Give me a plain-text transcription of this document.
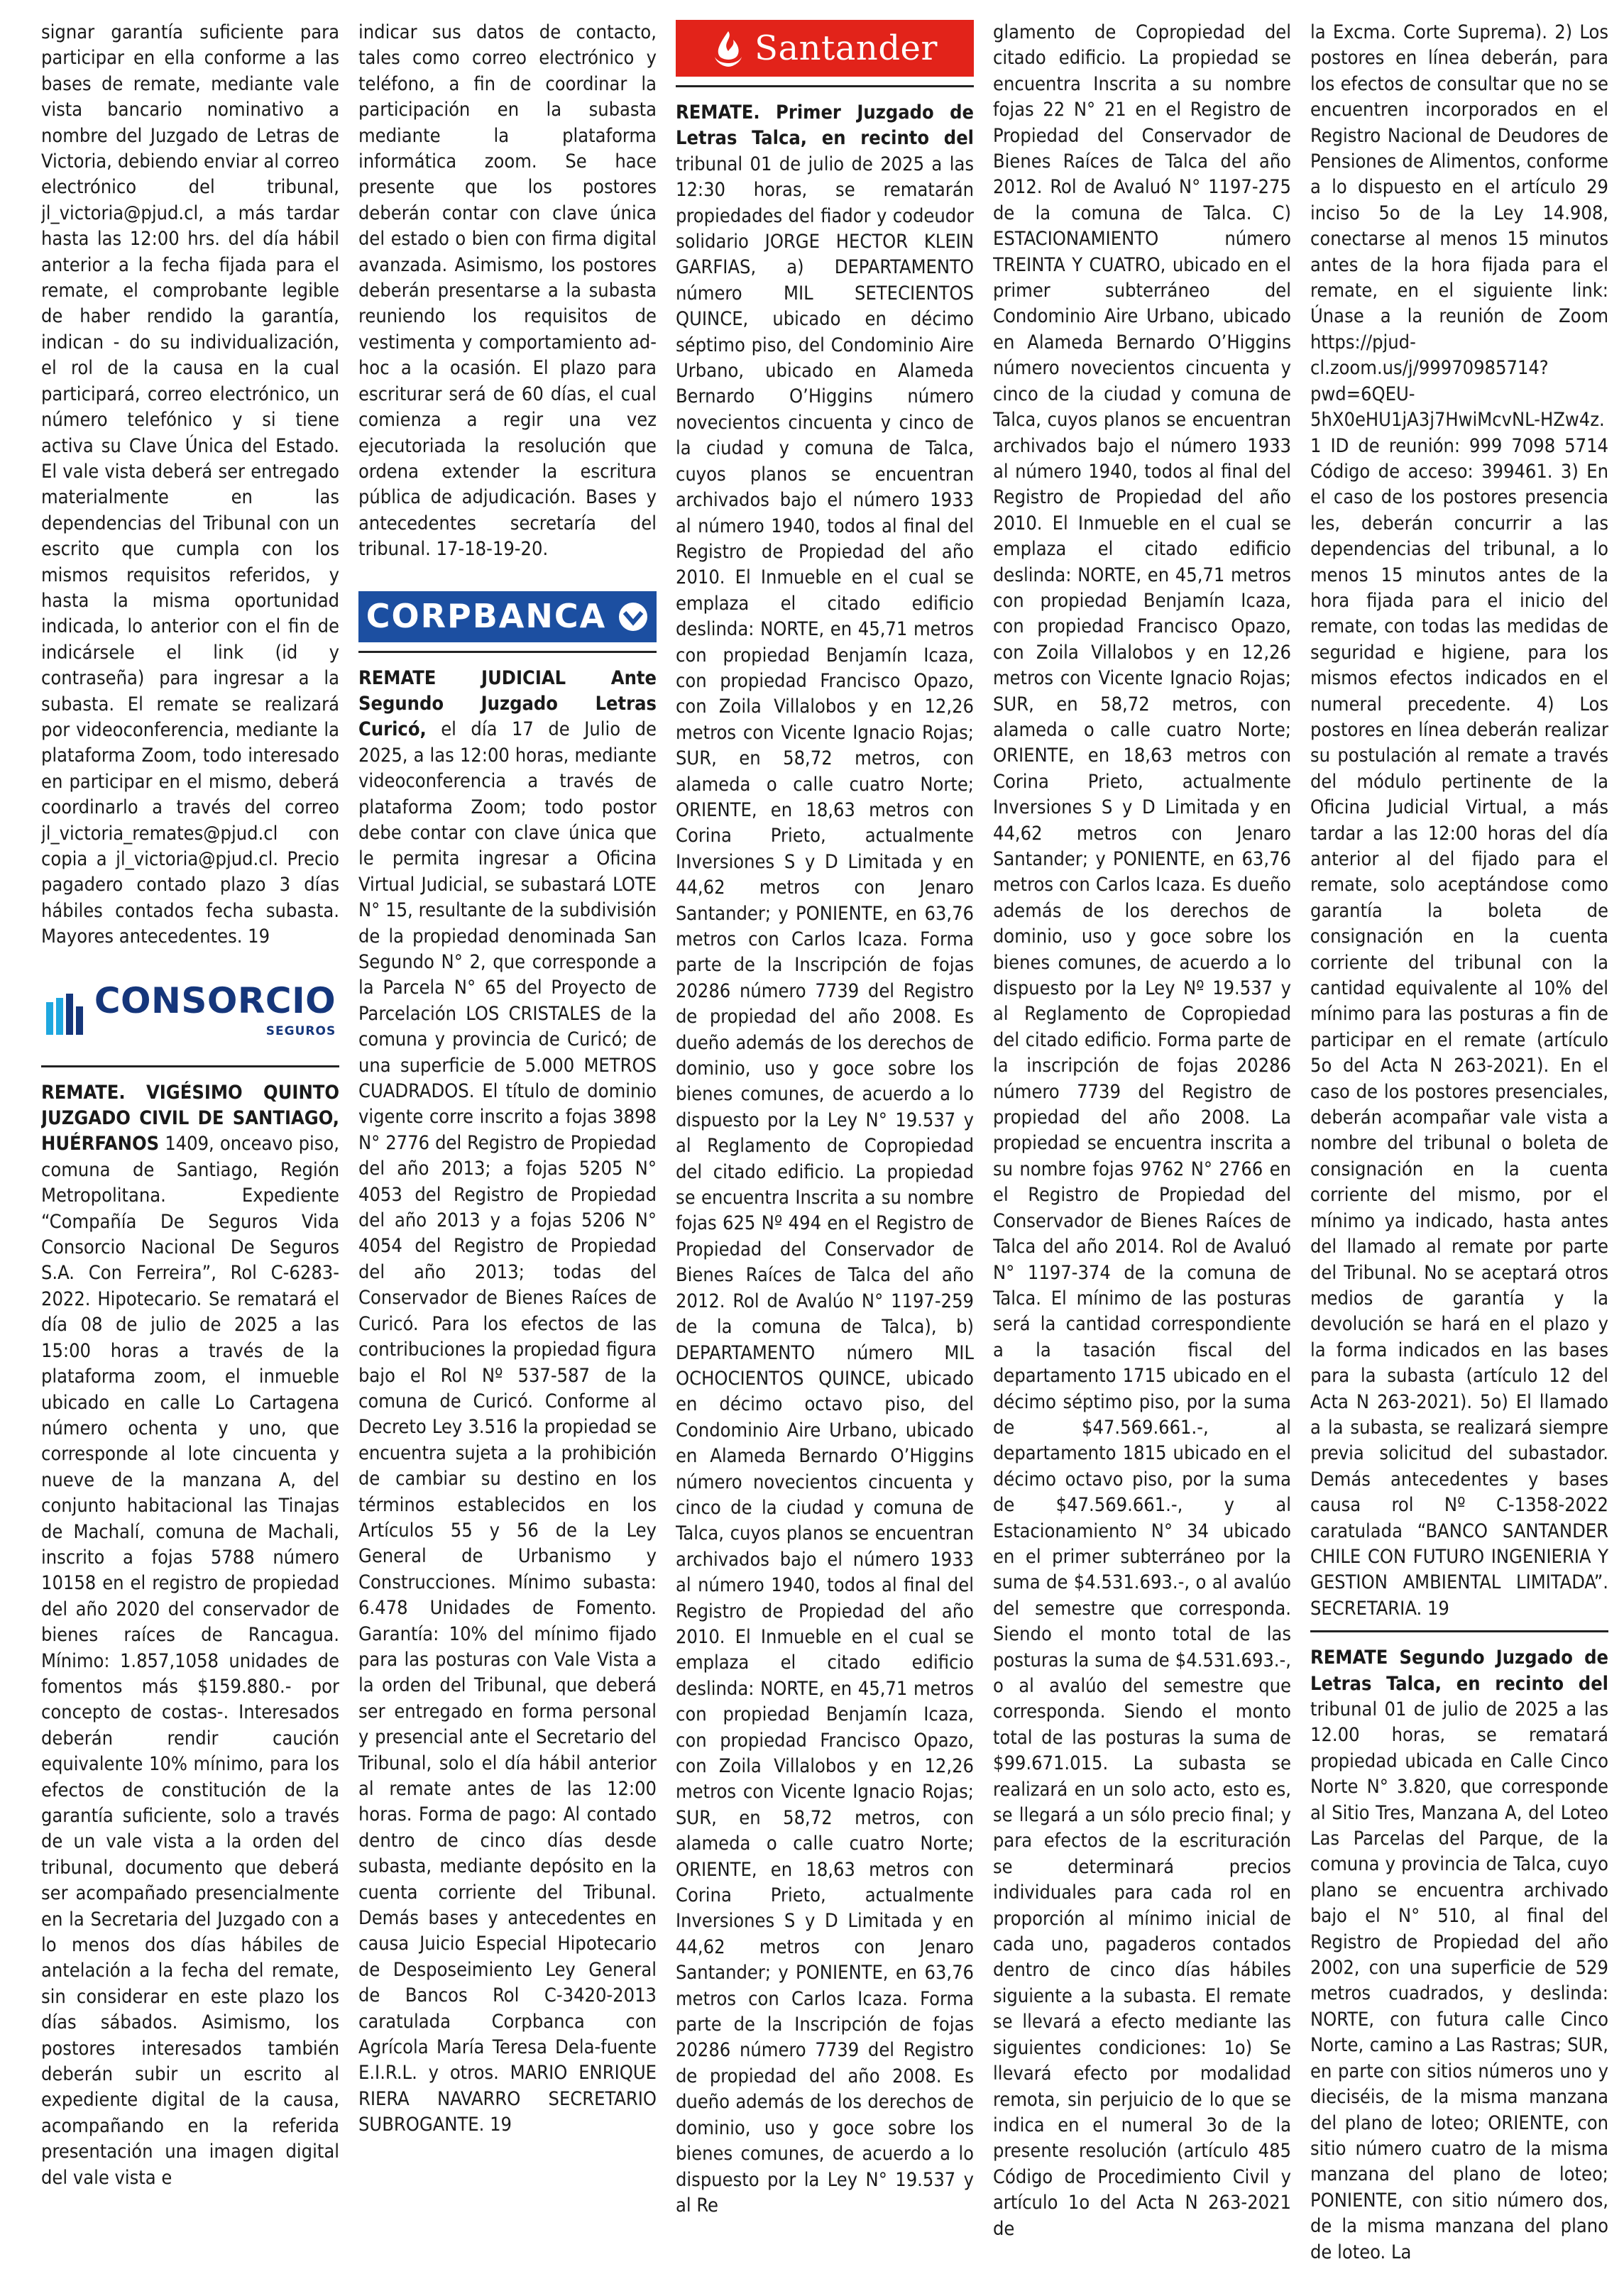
signar garantía suficiente para participar en ella conforme a las bases de remate, mediante vale vista bancario nominativo a nombre del Juzgado de Letras de Victoria, debiendo enviar al correo electrónico del tribunal, jl_victoria@pjud.cl, a más tardar hasta las 12:00 hrs. del día hábil anterior a la fecha fijada para el remate, el comprobante legible de haber rendido la garantía, indican - do su individualización, el rol de la causa en la cual participará, correo electrónico, un número telefónico y si tiene activa su Clave Única del Estado. El vale vista deberá ser entregado materialmente en las dependencias del Tribunal con un escrito que cumpla con los mismos requisitos referidos, y hasta la misma oportunidad indicada, lo anterior con el fin de indicársele el link (id y contraseña) para ingresar a la subasta. El remate se realizará por videoconferencia, mediante la plataforma Zoom, todo interesado en participar en el mismo, deberá coordinarlo a través del correo jl_victoria_remates@pjud.cl con copia a jl_victoria@pjud.cl. Precio pagadero contado plazo 3 días hábiles contados fecha subasta. Mayores antecedentes. 19

CONSORCIO
SEGUROS

REMATE. VIGÉSIMO QUINTO JUZGADO CIVIL DE SANTIAGO, HUÉRFANOS 1409, onceavo piso, comuna de Santiago, Región Metropolitana. Expediente “Compañía De Seguros Vida Consorcio Nacional De Seguros S.A. Con Ferreira”, Rol C-6283-2022. Hipotecario. Se rematará el día 08 de julio de 2025 a las 15:00 horas a través de la plataforma zoom, el inmueble ubicado en calle Lo Cartagena número ochenta y uno, que corresponde al lote cincuenta y nueve de la manzana A, del conjunto habitacional las Tinajas de Machalí, comuna de Machali, inscrito a fojas 5788 número 10158 en el registro de propiedad del año 2020 del conservador de bienes raíces de Rancagua. Mínimo: 1.857,1058 unidades de fomentos más $159.880.- por concepto de costas-. Interesados deberán rendir caución equivalente 10% mínimo, para los efectos de constitución de la garantía suficiente, solo a través de un vale vista a la orden del tribunal, documento que deberá ser acompañado presencialmente en la Secretaria del Juzgado con a lo menos dos días hábiles de antelación a la fecha del remate, sin considerar en este plazo los días sábados. Asimismo, los postores interesados también deberán subir un escrito al expediente digital de la causa, acompañando en la referida presentación una imagen digital del vale vista e

indicar sus datos de contacto, tales como correo electrónico y teléfono, a fin de coordinar la participación en la subasta mediante la plataforma informática zoom. Se hace presente que los postores deberán contar con clave única del estado o bien con firma digital avanzada. Asimismo, los postores deberán presentarse a la subasta reuniendo los requisitos de vestimenta y comportamiento ad-hoc a la ocasión. El plazo para escriturar será de 60 días, el cual comienza a regir una vez ejecutoriada la resolución que ordena extender la escritura pública de adjudicación. Bases y antecedentes secretaría del tribunal. 17-18-19-20.

CORPBANCA

REMATE JUDICIAL Ante Segundo Juzgado Letras Curicó, el día 17 de Julio de 2025, a las 12:00 horas, mediante videoconferencia a través de plataforma Zoom; todo postor debe contar con clave única que le permita ingresar a Oficina Virtual Judicial, se subastará LOTE N° 15, resultante de la subdivisión de la propiedad denominada San Segundo N° 2, que corresponde a la Parcela N° 65 del Proyecto de Parcelación LOS CRISTALES de la comuna y provincia de Curicó; de una superficie de 5.000 METROS CUADRADOS. El título de dominio vigente corre inscrito a fojas 3898 N° 2776 del Registro de Propiedad del año 2013; a fojas 5205 N° 4053 del Registro de Propiedad del año 2013 y a fojas 5206 N° 4054 del Registro de Propiedad del año 2013; todas del Conservador de Bienes Raíces de Curicó. Para los efectos de las contribuciones la propiedad figura bajo el Rol Nº 537-587 de la comuna de Curicó. Conforme al Decreto Ley 3.516 la propiedad se encuentra sujeta a la prohibición de cambiar su destino en los términos establecidos en los Artículos 55 y 56 de la Ley General de Urbanismo y Construcciones. Mínimo subasta: 6.478 Unidades de Fomento. Garantía: 10% del mínimo fijado para las posturas con Vale Vista a la orden del Tribunal, que deberá ser entregado en forma personal y presencial ante el Secretario del Tribunal, solo el día hábil anterior al remate antes de las 12:00 horas. Forma de pago: Al contado dentro de cinco días desde subasta, mediante depósito en la cuenta corriente del Tribunal. Demás bases y antecedentes en causa Juicio Especial Hipotecario de Desposeimiento Ley General de Bancos Rol C-3420-2013 caratulada Corpbanca con Agrícola María Teresa Dela-fuente E.I.R.L. y otros. MARIO ENRIQUE RIERA NAVARRO SECRETARIO SUBROGANTE. 19

Santander

REMATE. Primer Juzgado de Letras Talca, en recinto del tribunal 01 de julio de 2025 a las 12:30 horas, se rematarán propiedades del fiador y codeudor solidario JORGE HECTOR KLEIN GARFIAS, a) DEPARTAMENTO número MIL SETECIENTOS QUINCE, ubicado en décimo séptimo piso, del Condominio Aire Urbano, ubicado en Alameda Bernardo O’Higgins número novecientos cincuenta y cinco de la ciudad y comuna de Talca, cuyos planos se encuentran archivados bajo el número 1933 al número 1940, todos al final del Registro de Propiedad del año 2010. El Inmueble en el cual se emplaza el citado edificio deslinda: NORTE, en 45,71 metros con propiedad Benjamín Icaza, con propiedad Francisco Opazo, con Zoila Villalobos y en 12,26 metros con Vicente Ignacio Rojas; SUR, en 58,72 metros, con alameda o calle cuatro Norte; ORIENTE, en 18,63 metros con Corina Prieto, actualmente Inversiones S y D Limitada y en 44,62 metros con Jenaro Santander; y PONIENTE, en 63,76 metros con Carlos Icaza. Forma parte de la Inscripción de fojas 20286 número 7739 del Registro de propiedad del año 2008. Es dueño además de los derechos de dominio, uso y goce sobre los bienes comunes, de acuerdo a lo dispuesto por la Ley N° 19.537 y al Reglamento de Copropiedad del citado edificio. La propiedad se encuentra Inscrita a su nombre fojas 625 Nº 494 en el Registro de Propiedad del Conservador de Bienes Raíces de Talca del año 2012. Rol de Avalúo N° 1197-259 de la comuna de Talca), b) DEPARTAMENTO número MIL OCHOCIENTOS QUINCE, ubicado en décimo octavo piso, del Condominio Aire Urbano, ubicado en Alameda Bernardo O’Higgins número novecientos cincuenta y cinco de la ciudad y comuna de Talca, cuyos planos se encuentran archivados bajo el número 1933 al número 1940, todos al final del Registro de Propiedad del año 2010. El Inmueble en el cual se emplaza el citado edificio deslinda: NORTE, en 45,71 metros con propiedad Benjamín Icaza, con propiedad Francisco Opazo, con Zoila Villalobos y en 12,26 metros con Vicente Ignacio Rojas; SUR, en 58,72 metros, con alameda o calle cuatro Norte; ORIENTE, en 18,63 metros con Corina Prieto, actualmente Inversiones S y D Limitada y en 44,62 metros con Jenaro Santander; y PONIENTE, en 63,76 metros con Carlos Icaza. Forma parte de la Inscripción de fojas 20286 número 7739 del Registro de propiedad del año 2008. Es dueño además de los derechos de dominio, uso y goce sobre los bienes comunes, de acuerdo a lo dispuesto por la Ley N° 19.537 y al Re

glamento de Copropiedad del citado edificio. La propiedad se encuentra Inscrita a su nombre fojas 22 N° 21 en el Registro de Propiedad del Conservador de Bienes Raíces de Talca del año 2012. Rol de Avaluó N° 1197-275 de la comuna de Talca. C) ESTACIONAMIENTO número TREINTA Y CUATRO, ubicado en el primer subterráneo del Condominio Aire Urbano, ubicado en Alameda Bernardo O’Higgins número novecientos cincuenta y cinco de la ciudad y comuna de Talca, cuyos planos se encuentran archivados bajo el número 1933 al número 1940, todos al final del Registro de Propiedad del año 2010. El Inmueble en el cual se emplaza el citado edificio deslinda: NORTE, en 45,71 metros con propiedad Benjamín Icaza, con propiedad Francisco Opazo, con Zoila Villalobos y en 12,26 metros con Vicente Ignacio Rojas; SUR, en 58,72 metros, con alameda o calle cuatro Norte; ORIENTE, en 18,63 metros con Corina Prieto, actualmente Inversiones S y D Limitada y en 44,62 metros con Jenaro Santander; y PONIENTE, en 63,76 metros con Carlos Icaza. Es dueño además de los derechos de dominio, uso y goce sobre los bienes comunes, de acuerdo a lo dispuesto por la Ley Nº 19.537 y al Reglamento de Copropiedad del citado edificio. Forma parte de la inscripción de fojas 20286 número 7739 del Registro de propiedad del año 2008. La propiedad se encuentra inscrita a su nombre fojas 9762 N° 2766 en el Registro de Propiedad del Conservador de Bienes Raíces de Talca del año 2014. Rol de Avaluó N° 1197-374 de la comuna de Talca. El mínimo de las posturas será la cantidad correspondiente a la tasación fiscal del departamento 1715 ubicado en el décimo séptimo piso, por la suma de $47.569.661.-, al departamento 1815 ubicado en el décimo octavo piso, por la suma de $47.569.661.-, y al Estacionamiento N° 34 ubicado en el primer subterráneo por la suma de $4.531.693.-, o al avalúo del semestre que corresponda. Siendo el monto total de las posturas la suma de $4.531.693.-, o al avalúo del semestre que corresponda. Siendo el monto total de las posturas la suma de $99.671.015. La subasta se realizará en un solo acto, esto es, se llegará a un sólo precio final; y para efectos de la escrituración se determinará precios individuales para cada rol en proporción al mínimo inicial de cada uno, pagaderos contados dentro de cinco días hábiles siguiente a la subasta. El remate se llevará a efecto mediante las siguientes condiciones: 1o) Se llevará efecto por modalidad remota, sin perjuicio de lo que se indica en el numeral 3o de la presente resolución (artículo 485 Código de Procedimiento Civil y artículo 1o del Acta N 263-2021 de

la Excma. Corte Suprema). 2) Los postores en línea deberán, para los efectos de consultar que no se encuentren incorporados en el Registro Nacional de Deudores de Pensiones de Alimentos, conforme a lo dispuesto en el artículo 29 inciso 5o de la Ley 14.908, conectarse al menos 15 minutos antes de la hora fijada para el remate, en el siguiente link: Únase a la reunión de Zoom https://pjud-cl.zoom.us/j/99970985714?pwd=6QEU-5hX0eHU1jA3j7HwiMcvNL-HZw4z. 1 ID de reunión: 999 7098 5714 Código de acceso: 399461. 3) En el caso de los postores presencia les, deberán concurrir a las dependencias del tribunal, a lo menos 15 minutos antes de la hora fijada para el inicio del remate, con todas las medidas de seguridad e higiene, para los mismos efectos indicados en el numeral precedente. 4) Los postores en línea deberán realizar su postulación al remate a través del módulo pertinente de la Oficina Judicial Virtual, a más tardar a las 12:00 horas del día anterior al del fijado para el remate, solo aceptándose como garantía la boleta de consignación en la cuenta corriente del tribunal con la cantidad equivalente al 10% del mínimo para las posturas a fin de participar en el remate (artículo 5o del Acta N 263-2021). En el caso de los postores presenciales, deberán acompañar vale vista a nombre del tribunal o boleta de consignación en la cuenta corriente del mismo, por el mínimo ya indicado, hasta antes del llamado al remate por parte del Tribunal. No se aceptará otros medios de garantía y la devolución se hará en el plazo y la forma indicados en las bases para la subasta (artículo 12 del Acta N 263-2021). 5o) El llamado a la subasta, se realizará siempre previa solicitud del subastador. Demás antecedentes y bases causa rol Nº C-1358-2022 caratulada “BANCO SANTANDER CHILE CON FUTURO INGENIERIA Y GESTION AMBIENTAL LIMITADA”. SECRETARIA. 19

REMATE Segundo Juzgado de Letras Talca, en recinto del tribunal 01 de julio de 2025 a las 12.00 horas, se rematará propiedad ubicada en Calle Cinco Norte N° 3.820, que corresponde al Sitio Tres, Manzana A, del Loteo Las Parcelas del Parque, de la comuna y provincia de Talca, cuyo plano se encuentra archivado bajo el N° 510, al final del Registro de Propiedad del año 2002, con una superficie de 529 metros cuadrados, y deslinda: NORTE, con futura calle Cinco Norte, camino a Las Rastras; SUR, en parte con sitios números uno y dieciséis, de la misma manzana del plano de loteo; ORIENTE, con sitio número cuatro de la misma manzana del plano de loteo; PONIENTE, con sitio número dos, de la misma manzana del plano de loteo. La
